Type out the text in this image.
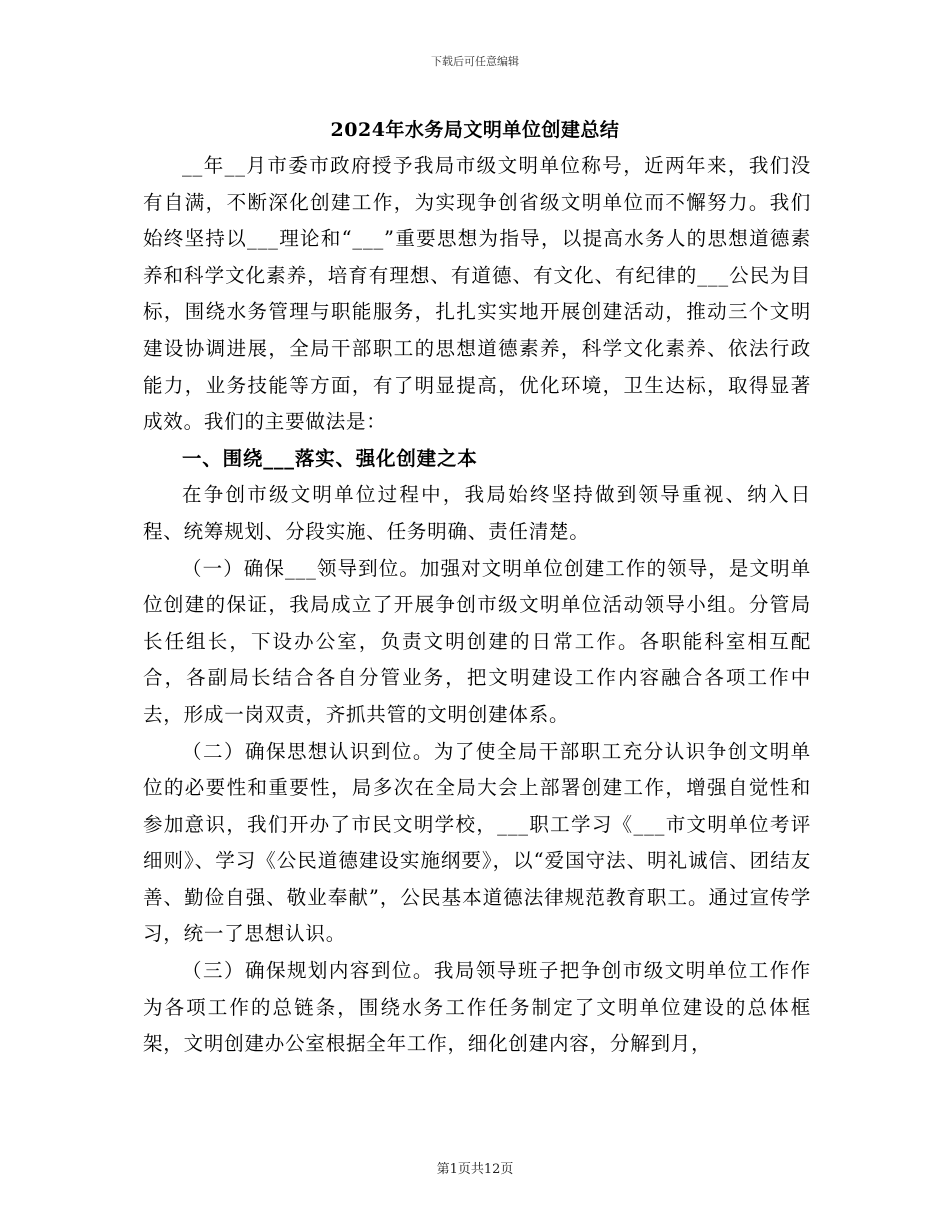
下载后可任意编辑
2024年水务局文明单位创建总结

__年__月市委市政府授予我局市级文明单位称号，近两年来，我们没有自满，不断深化创建工作，为实现争创省级文明单位而不懈努力。我们始终坚持以___理论和“___”重要思想为指导，以提高水务人的思想道德素养和科学文化素养，培育有理想、有道德、有文化、有纪律的___公民为目标，围绕水务管理与职能服务，扎扎实实地开展创建活动，推动三个文明建设协调进展，全局干部职工的思想道德素养，科学文化素养、依法行政能力，业务技能等方面，有了明显提高，优化环境，卫生达标，取得显著成效。我们的主要做法是：

一、围绕___落实、强化创建之本

在争创市级文明单位过程中，我局始终坚持做到领导重视、纳入日程、统筹规划、分段实施、任务明确、责任清楚。

（一）确保___领导到位。加强对文明单位创建工作的领导，是文明单位创建的保证，我局成立了开展争创市级文明单位活动领导小组。分管局长任组长，下设办公室，负责文明创建的日常工作。各职能科室相互配合，各副局长结合各自分管业务，把文明建设工作内容融合各项工作中去，形成一岗双责，齐抓共管的文明创建体系。

（二）确保思想认识到位。为了使全局干部职工充分认识争创文明单位的必要性和重要性，局多次在全局大会上部署创建工作，增强自觉性和参加意识，我们开办了市民文明学校，___职工学习《___市文明单位考评细则》、学习《公民道德建设实施纲要》，以“爱国守法、明礼诚信、团结友善、勤俭自强、敬业奉献”，公民基本道德法律规范教育职工。通过宣传学习，统一了思想认识。

（三）确保规划内容到位。我局领导班子把争创市级文明单位工作作为各项工作的总链条，围绕水务工作任务制定了文明单位建设的总体框架，文明创建办公室根据全年工作，细化创建内容，分解到月，

第1页共12页
